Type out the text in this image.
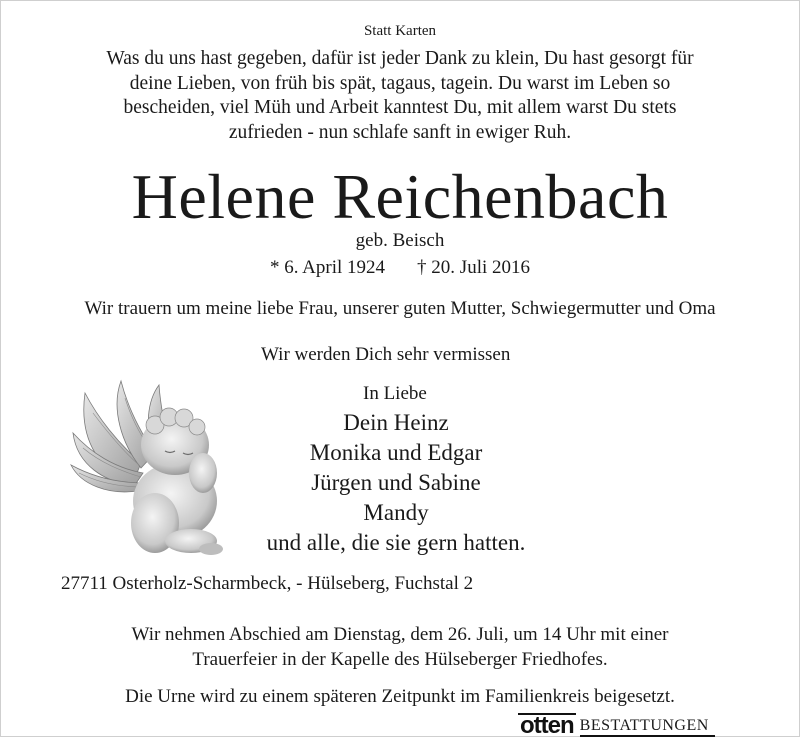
Statt Karten
Was du uns hast gegeben, dafür ist jeder Dank zu klein, Du hast gesorgt für
deine Lieben, von früh bis spät, tagaus, tagein. Du warst im Leben so
bescheiden, viel Müh und Arbeit kanntest Du, mit allem warst Du stets
zufrieden - nun schlafe sanft in ewiger Ruh.
Helene Reichenbach
geb. Beisch
* 6. April 1924 † 20. Juli 2016
Wir trauern um meine liebe Frau, unserer guten Mutter, Schwiegermutter und Oma
Wir werden Dich sehr vermissen
In Liebe
Dein Heinz
Monika und Edgar
Jürgen und Sabine
Mandy
und alle, die sie gern hatten.
27711 Osterholz-Scharmbeck, - Hülseberg, Fuchstal 2
Wir nehmen Abschied am Dienstag, dem 26. Juli, um 14 Uhr mit einer
Trauerfeier in der Kapelle des Hülseberger Friedhofes.
Die Urne wird zu einem späteren Zeitpunkt im Familienkreis beigesetzt.
otten BESTATTUNGEN
